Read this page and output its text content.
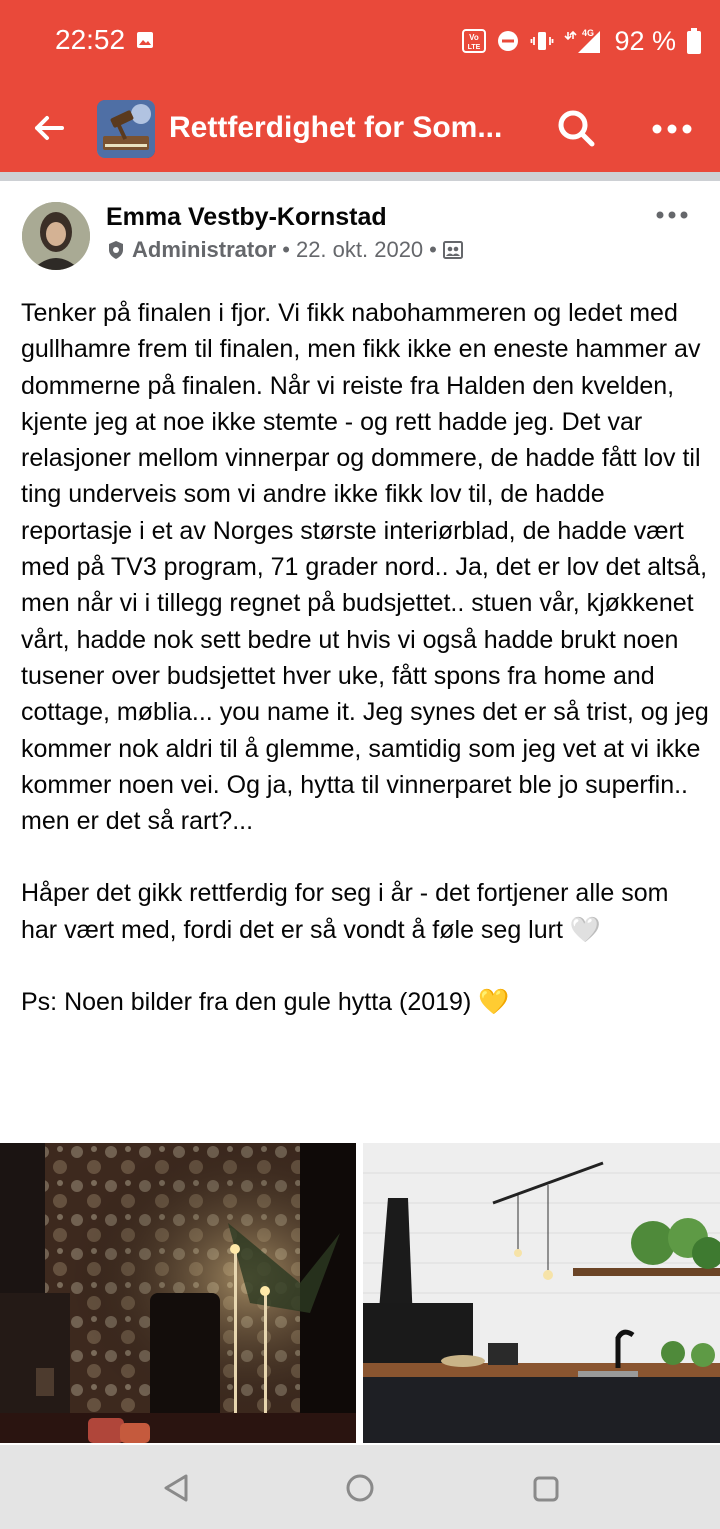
22:52	Vo
LTE
4G 92 %
Rettferdighet for Som...
Emma Vestby-Kornstad
Administrator • 22. okt. 2020 •

Tenker på finalen i fjor. Vi fikk nabohammeren og ledet med gullhamre frem til finalen, men fikk ikke en eneste hammer av dommerne på finalen. Når vi reiste fra Halden den kvelden, kjente jeg at noe ikke stemte - og rett hadde jeg. Det var relasjoner mellom vinnerpar og dommere, de hadde fått lov til ting underveis som vi andre ikke fikk lov til, de hadde reportasje i et av Norges største interiørblad, de hadde vært med på TV3 program, 71 grader nord.. Ja, det er lov det altså, men når vi i tillegg regnet på budsjettet.. stuen vår, kjøkkenet vårt, hadde nok sett bedre ut hvis vi også hadde brukt noen tusener over budsjettet hver uke, fått spons fra home and cottage, møblia... you name it. Jeg synes det er så trist, og jeg kommer nok aldri til å glemme, samtidig som jeg vet at vi ikke kommer noen vei. Og ja, hytta til vinnerparet ble jo superfin.. men er det så rart?...

Håper det gikk rettferdig for seg i år - det fortjener alle som har vært med, fordi det er så vondt å føle seg lurt 🤍

Ps: Noen bilder fra den gule hytta (2019) 💛
